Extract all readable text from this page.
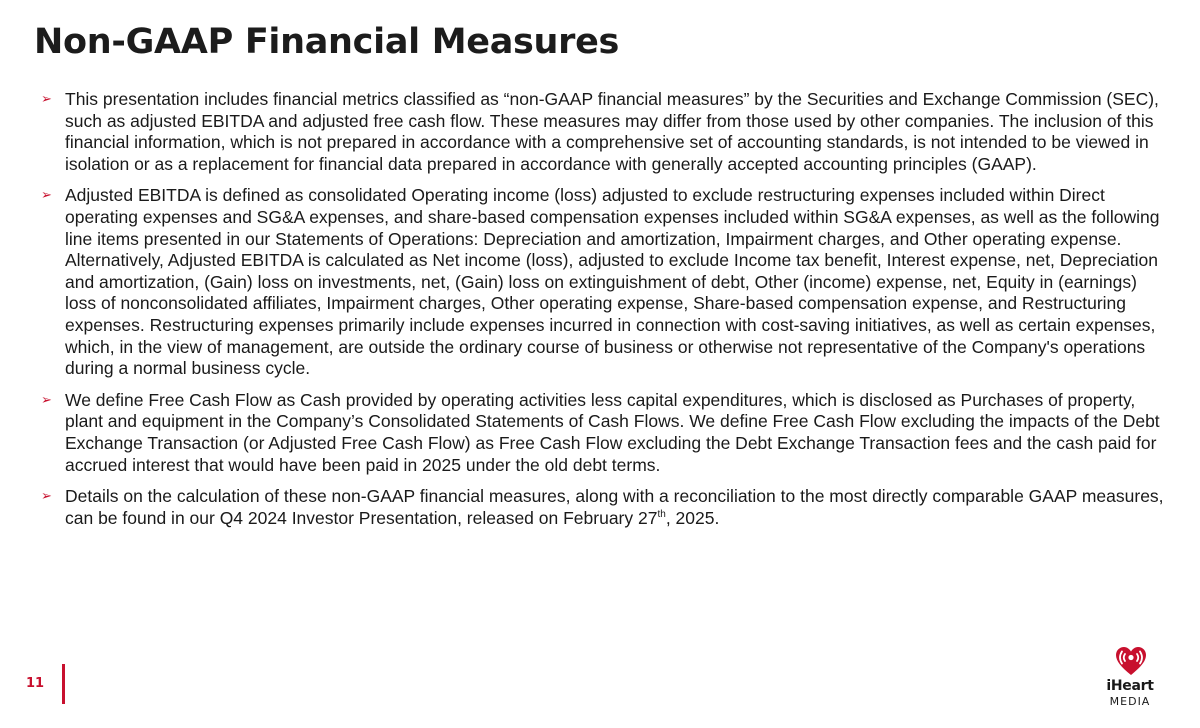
Non-GAAP Financial Measures
➢ This presentation includes financial metrics classified as “non-GAAP financial measures” by the Securities and Exchange Commission (SEC), such as adjusted EBITDA and adjusted free cash flow. These measures may differ from those used by other companies. The inclusion of this financial information, which is not prepared in accordance with a comprehensive set of accounting standards, is not intended to be viewed in isolation or as a replacement for financial data prepared in accordance with generally accepted accounting principles (GAAP).
➢ Adjusted EBITDA is defined as consolidated Operating income (loss) adjusted to exclude restructuring expenses included within Direct operating expenses and SG&A expenses, and share-based compensation expenses included within SG&A expenses, as well as the following line items presented in our Statements of Operations: Depreciation and amortization, Impairment charges, and Other operating expense. Alternatively, Adjusted EBITDA is calculated as Net income (loss), adjusted to exclude Income tax benefit, Interest expense, net, Depreciation and amortization, (Gain) loss on investments, net, (Gain) loss on extinguishment of debt, Other (income) expense, net, Equity in (earnings) loss of nonconsolidated affiliates, Impairment charges, Other operating expense, Share-based compensation expense, and Restructuring expenses. Restructuring expenses primarily include expenses incurred in connection with cost-saving initiatives, as well as certain expenses, which, in the view of management, are outside the ordinary course of business or otherwise not representative of the Company's operations during a normal business cycle.
➢ We define Free Cash Flow as Cash provided by operating activities less capital expenditures, which is disclosed as Purchases of property, plant and equipment in the Company’s Consolidated Statements of Cash Flows. We define Free Cash Flow excluding the impacts of the Debt Exchange Transaction (or Adjusted Free Cash Flow) as Free Cash Flow excluding the Debt Exchange Transaction fees and the cash paid for accrued interest that would have been paid in 2025 under the old debt terms.
➢ Details on the calculation of these non-GAAP financial measures, along with a reconciliation to the most directly comparable GAAP measures, can be found in our Q4 2024 Investor Presentation, released on February 27th, 2025.
11	iHeart
MEDIA
